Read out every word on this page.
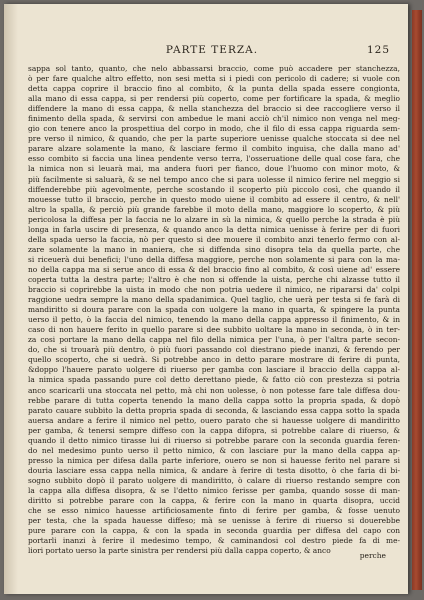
PARTE TERZA.	125
sappa sol tanto, quanto, che nelo abbassarsi braccio, come può accadere per stanchezza,
ò per fare qualche altro effetto, non sesi metta si i piedi con pericolo di cadere; si vuole con
detta cappa coprire il braccio fino al combito, & la punta della spada essere congionta,
alla mano di essa cappa, si per rendersi più coperto, come per fortificare la spada, & meglio
diffendere la mano di essa cappa, & nella stanchezza del braccio si dee raccogliere verso il
finimento della spada, & servirsi con ambedue le mani acciò ch'il nimico non venga nel meg-
gio con tenere anco la prospettiua del corpo in modo, che il filo di essa cappa riguarda sem-
pre verso il nimico, & quando, che per la parte superiore uenisse qualche stoccata si dee nel
parare alzare solamente la mano, & lasciare fermo il combito inguisa, che dalla mano ad'
esso combito si faccia una linea pendente verso terra, l'osseruatione delle qual cose fara, che
la nimica non si leuarà mai, ma andera fuori per fianco, doue l'huomo con minor moto, &
più facilmente si saluarà, & se nel tempo anco che si para uolesse il nimico ferire nel meggio si
diffenderebbe più agevolmente, perche scostando il scoperto più piccolo così, che quando il
mouesse tutto il braccio, perche in questo modo uiene il combito ad essere il centro, & nell'
altro la spalla, & perciò più grande farebbe il moto della mano, maggiore lo scoperto, & più
pericolosa la diffesa per la faccia ne lo alzare in sù la nimica, & quello perche la strada è più
longa in farla uscire di presenza, & quando anco la detta nimica uenisse à ferire per di fuori
della spada uerso la faccia, nò per questo si dee mouere il combito anzi tenerlo fermo con al-
zare solamente la mano in maniera, che si diffenda sino disopra tela da quella parte, che
si riceuerà dui benefici; l'uno della diffesa maggiore, perche non solamente si para con la ma-
no della cappa ma si serue anco di essa & del braccio fino al combito, & così uiene ad' essere
coperta tutta la destra parte; l'altro è che non si offende la uista, perche chi alzasse tutto il
braccio si coprirebbe la uista in modo che non potria uedere il nimico, ne ripararsi da' colpi
raggione uedra sempre la mano della spadanimica. Quel taglio, che uerà per testa si fe farà di
mandiritto si doura parare con la spada con uolgere la mano in quarta, & spingere la punta
uerso il petto, ò la faccia del nimico, tenendo la mano della cappa appresso il finimento, & in
caso di non hauere ferito in quello parare si dee subbito uoltare la mano in seconda, ò in ter-
za cosi portare la mano della cappa nel filo della nimica per l'una, ò per l'altra parte secon-
do, che si trouarà più dentro, ò più fuori passando col diestrano piede inanzi, & ferendo per
quello scoperto, che si uedrà. Si potrebbe anco in detto parare mostrare di ferire di punta,
&doppo l'hauere parato uolgere di riuerso per gamba con lasciare il braccio della cappa al-
la nimica spada passando pure col detto derettano piede, & fatto ciò con prestezza si potria
anco scaricarli una stoccata nel petto, mà chi non uolesse, ò non potesse fare tale diffesa dou-
rebbe parare di tutta coperta tenendo la mano della cappa sotto la propria spada, & dopò
parato cauare subbito la detta propria spada di seconda, & lasciando essa cappa sotto la spada
auersa andare a ferire il nimico nel petto, ouero parato che si hauesse uolgere di mandiritto
per gamba, & tenersi sempre diffeso con la cappa difopra, si potrebbe calare di riuerso, &
quando il detto nimico tirasse lui di riuerso si potrebbe parare con la seconda guardia feren-
do nel medesimo punto uerso il petto nimico, & con lasciare pur la mano della cappa ap-
presso la nimica per difesa dalla parte inferiore, ouero se non si hauesse ferito nel parare si
douria lasciare essa cappa nella nimica, & andare à ferire di testa disotto, ò che faria di bi-
sogno subbito dopò il parato uolgere di mandiritto, ò calare di riuerso restando sempre con
la cappa alla diffesa disopra, & se l'detto nimico ferisse per gamba, quando sosse di man-
diritto si potrebbe parare con la cappa, & ferire con la mano in quarta disopra, uccid
che se esso nimico hauesse artificiosamente finto di ferire per gamba, & fosse uenuto
per testa, che la spada hauesse diffeso; mà se uenisse à ferire di riuerso si douerebbe
pure parare con la cappa, & con la spada in seconda guardia per diffesa del capo con
portarli inanzi à ferire il medesimo tempo, & caminandosi col destro piede fa di me-
liori portato uerso la parte sinistra per rendersi più dalla cappa coperto, & anco
perche
